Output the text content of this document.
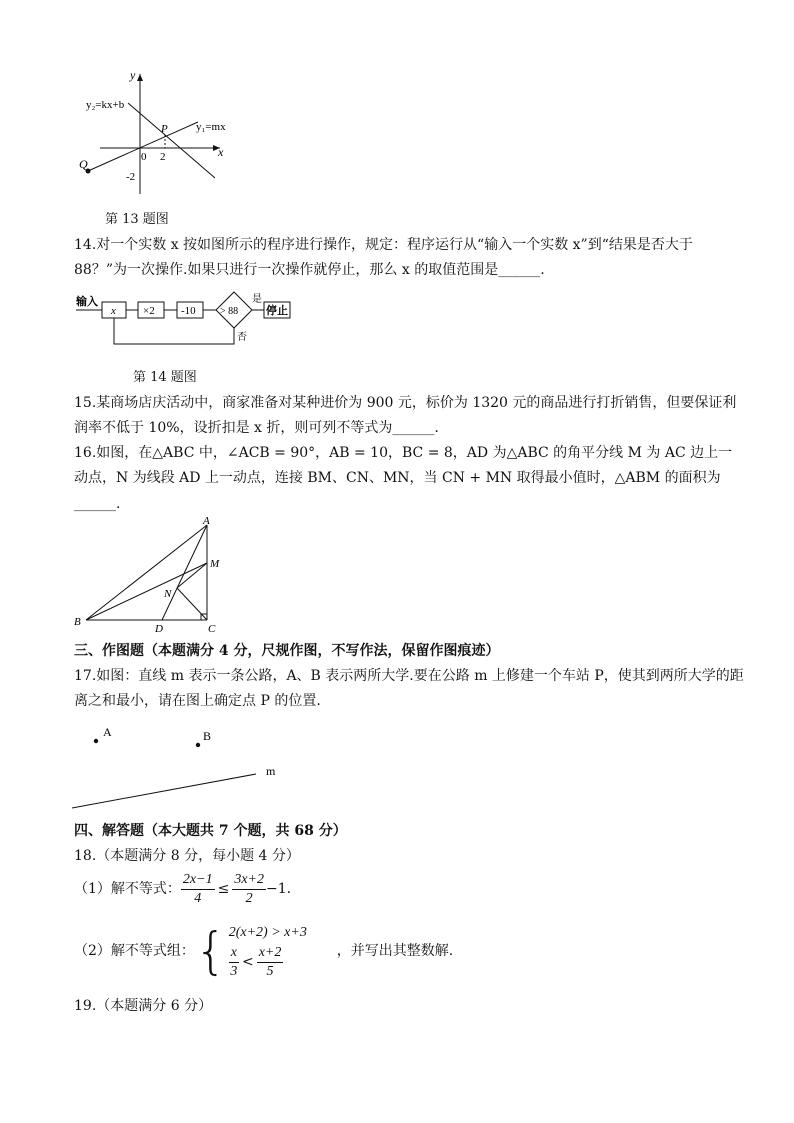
y
x
y₂=kx+b
y₁=mx
P
Q	0 2
-2
第 13 题图
14.对一个实数 x 按如图所示的程序进行操作，规定：程序运行从“输入一个实数 x”到“结果是否大于
88？”为一次操作.如果只进行一次操作就停止，那么 x 的取值范围是______.
输入
x ×2 -10 > 88
是
停止
否
第 14 题图
15.某商场店庆活动中，商家准备对某种进价为 900 元，标价为 1320 元的商品进行打折销售，但要保证利
润率不低于 10%，设折扣是 x 折，则可列不等式为______.
16.如图，在△ABC 中，∠ACB = 90°，AB = 10，BC = 8，AD 为△ABC 的角平分线 M 为 AC 边上一
动点，N 为线段 AD 上一动点，连接 BM、CN、MN，当 CN + MN 取得最小值时，△ABM 的面积为
______.
A
M
N
B
D	C
三、作图题（本题满分 4 分，尺规作图，不写作法，保留作图痕迹）
17.如图：直线 m 表示一条公路，A、B 表示两所大学.要在公路 m 上修建一个车站 P，使其到两所大学的距
离之和最小，请在图上确定点 P 的位置.
A	B
m
四、解答题（本大题共 7 个题，共 68 分）
18.（本题满分 8 分，每小题 4 分）
（1）解不等式： $\frac{2x-1}{4} \le \frac{3x+2}{2} -1$.
（2）解不等式组： { 2(x+2) > x+3
$\frac{x}{3} < \frac{x+2}{5}$	，并写出其整数解.
19.（本题满分 6 分）
